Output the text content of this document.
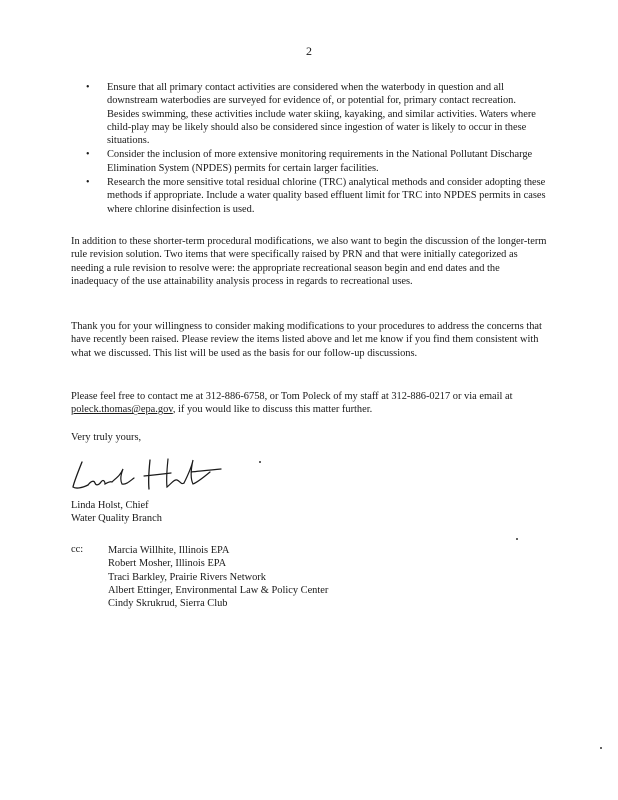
2
• Ensure that all primary contact activities are considered when the waterbody in question and all downstream waterbodies are surveyed for evidence of, or potential for, primary contact recreation. Besides swimming, these activities include water skiing, kayaking, and similar activities. Waters where child-play may be likely should also be considered since ingestion of water is likely to occur in these situations.
• Consider the inclusion of more extensive monitoring requirements in the National Pollutant Discharge Elimination System (NPDES) permits for certain larger facilities.
• Research the more sensitive total residual chlorine (TRC) analytical methods and consider adopting these methods if appropriate. Include a water quality based effluent limit for TRC into NPDES permits in cases where chlorine disinfection is used.

In addition to these shorter-term procedural modifications, we also want to begin the discussion of the longer-term rule revision solution. Two items that were specifically raised by PRN and that were initially categorized as needing a rule revision to resolve were: the appropriate recreational season begin and end dates and the inadequacy of the use attainability analysis process in regards to recreational uses.

Thank you for your willingness to consider making modifications to your procedures to address the concerns that have recently been raised. Please review the items listed above and let me know if you find them consistent with what we discussed. This list will be used as the basis for our follow-up discussions.

Please feel free to contact me at 312-886-6758, or Tom Poleck of my staff at 312-886-0217 or via email at poleck.thomas@epa.gov, if you would like to discuss this matter further.

Very truly yours,
Linda Holst, Chief
Water Quality Branch
cc: Marcia Willhite, Illinois EPA
Robert Mosher, Illinois EPA
Traci Barkley, Prairie Rivers Network
Albert Ettinger, Environmental Law & Policy Center
Cindy Skrukrud, Sierra Club
